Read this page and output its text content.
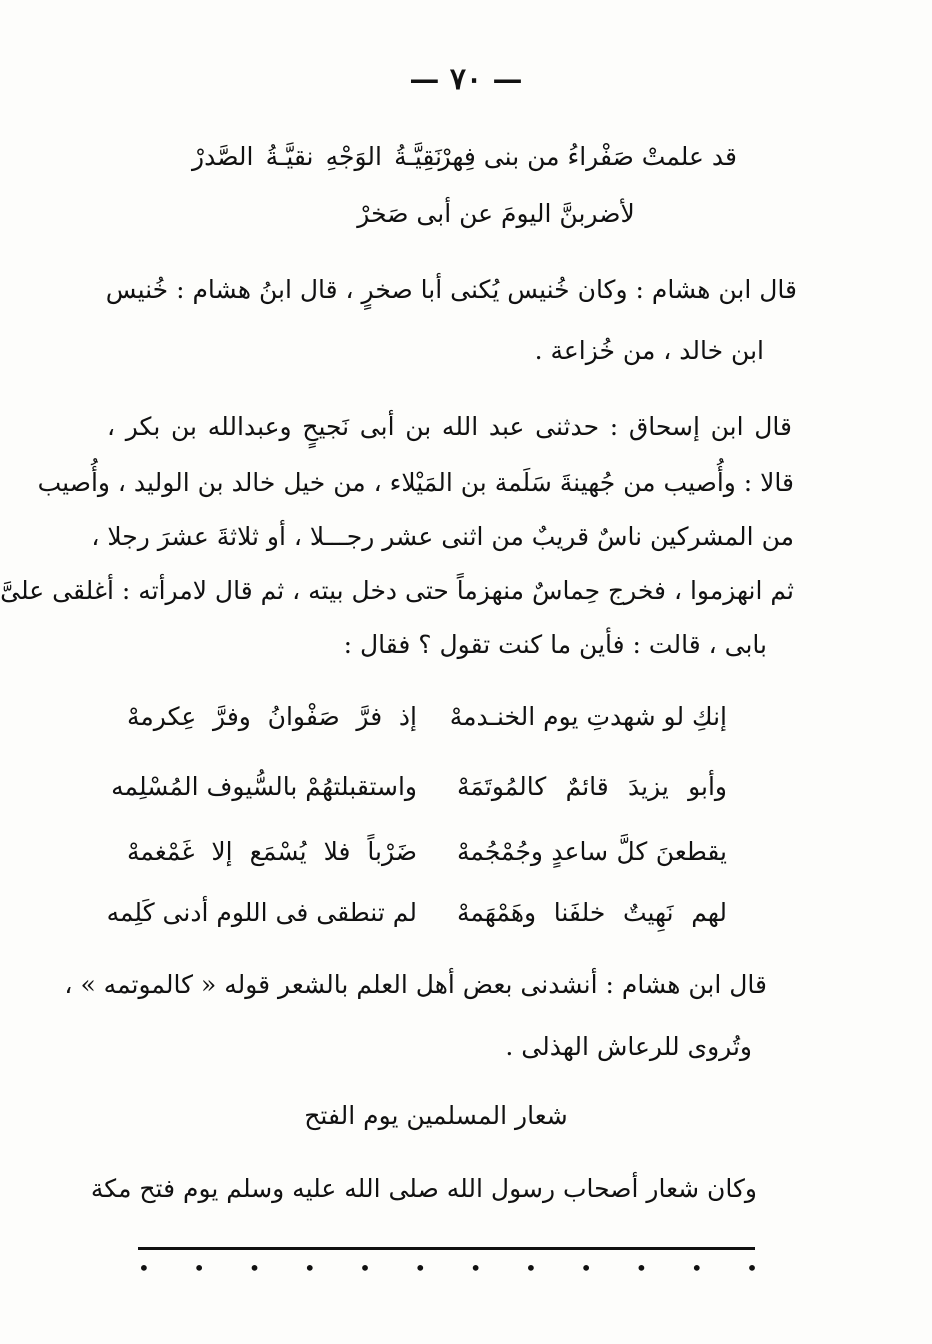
— ٧٠ —
قد علمتْ صَفْراءُ من بنى فِهرْ
نَقِيَّـةُ الوَجْهِ نقيَّـةُ الصَّدرْ
لأضربنَّ اليومَ عن أبى صَخرْ
قال ابن هشام : وكان خُنيس يُكنى أبا صخرٍ ، قال ابنُ هشام : خُنيس
ابن خالد ، من خُزاعة .
قال ابن إسحاق : حدثنى عبد الله بن أبى نَجيحٍ وعبدالله بن بكر ،
قالا : وأُصيب من جُهينةَ سَلَمة بن المَيْلاء ، من خيل خالد بن الوليد ، وأُصيب
من المشركين ناسٌ قريبٌ من اثنى عشر رجـــلا ، أو ثلاثةَ عشرَ رجلا ،
ثم انهزموا ، فخرج حِماسٌ منهزماً حتى دخل بيته ، ثم قال لامرأته : أغلقى علىَّ
بابى ، قالت : فأين ما كنت تقول ؟ فقال :
إنكِ لو شهدتِ يوم الخنـدمهْ
إذ فرَّ صَفْوانُ وفرَّ عِكرمهْ
وأبو يزيدَ قائمٌ كالمُوتَمَهْ
واستقبلتهُمْ بالسُّيوف المُسْلِمه
يقطعنَ كلَّ ساعدٍ وجُمْجُمهْ
ضَرْباً فلا يُسْمَع إلا غَمْغمهْ
لهم نَهِيتٌ خلفَنا وهَمْهَمهْ
لم تنطقى فى اللوم أدنى كَلِمه
قال ابن هشام : أنشدنى بعض أهل العلم بالشعر قوله « كالموتمه » ،
وتُروى للرعاش الهذلى .
شعار المسلمين يوم الفتح
وكان شعار أصحاب رسول الله صلى الله عليه وسلم يوم فتح مكة
• • • • • • • • • • • •
